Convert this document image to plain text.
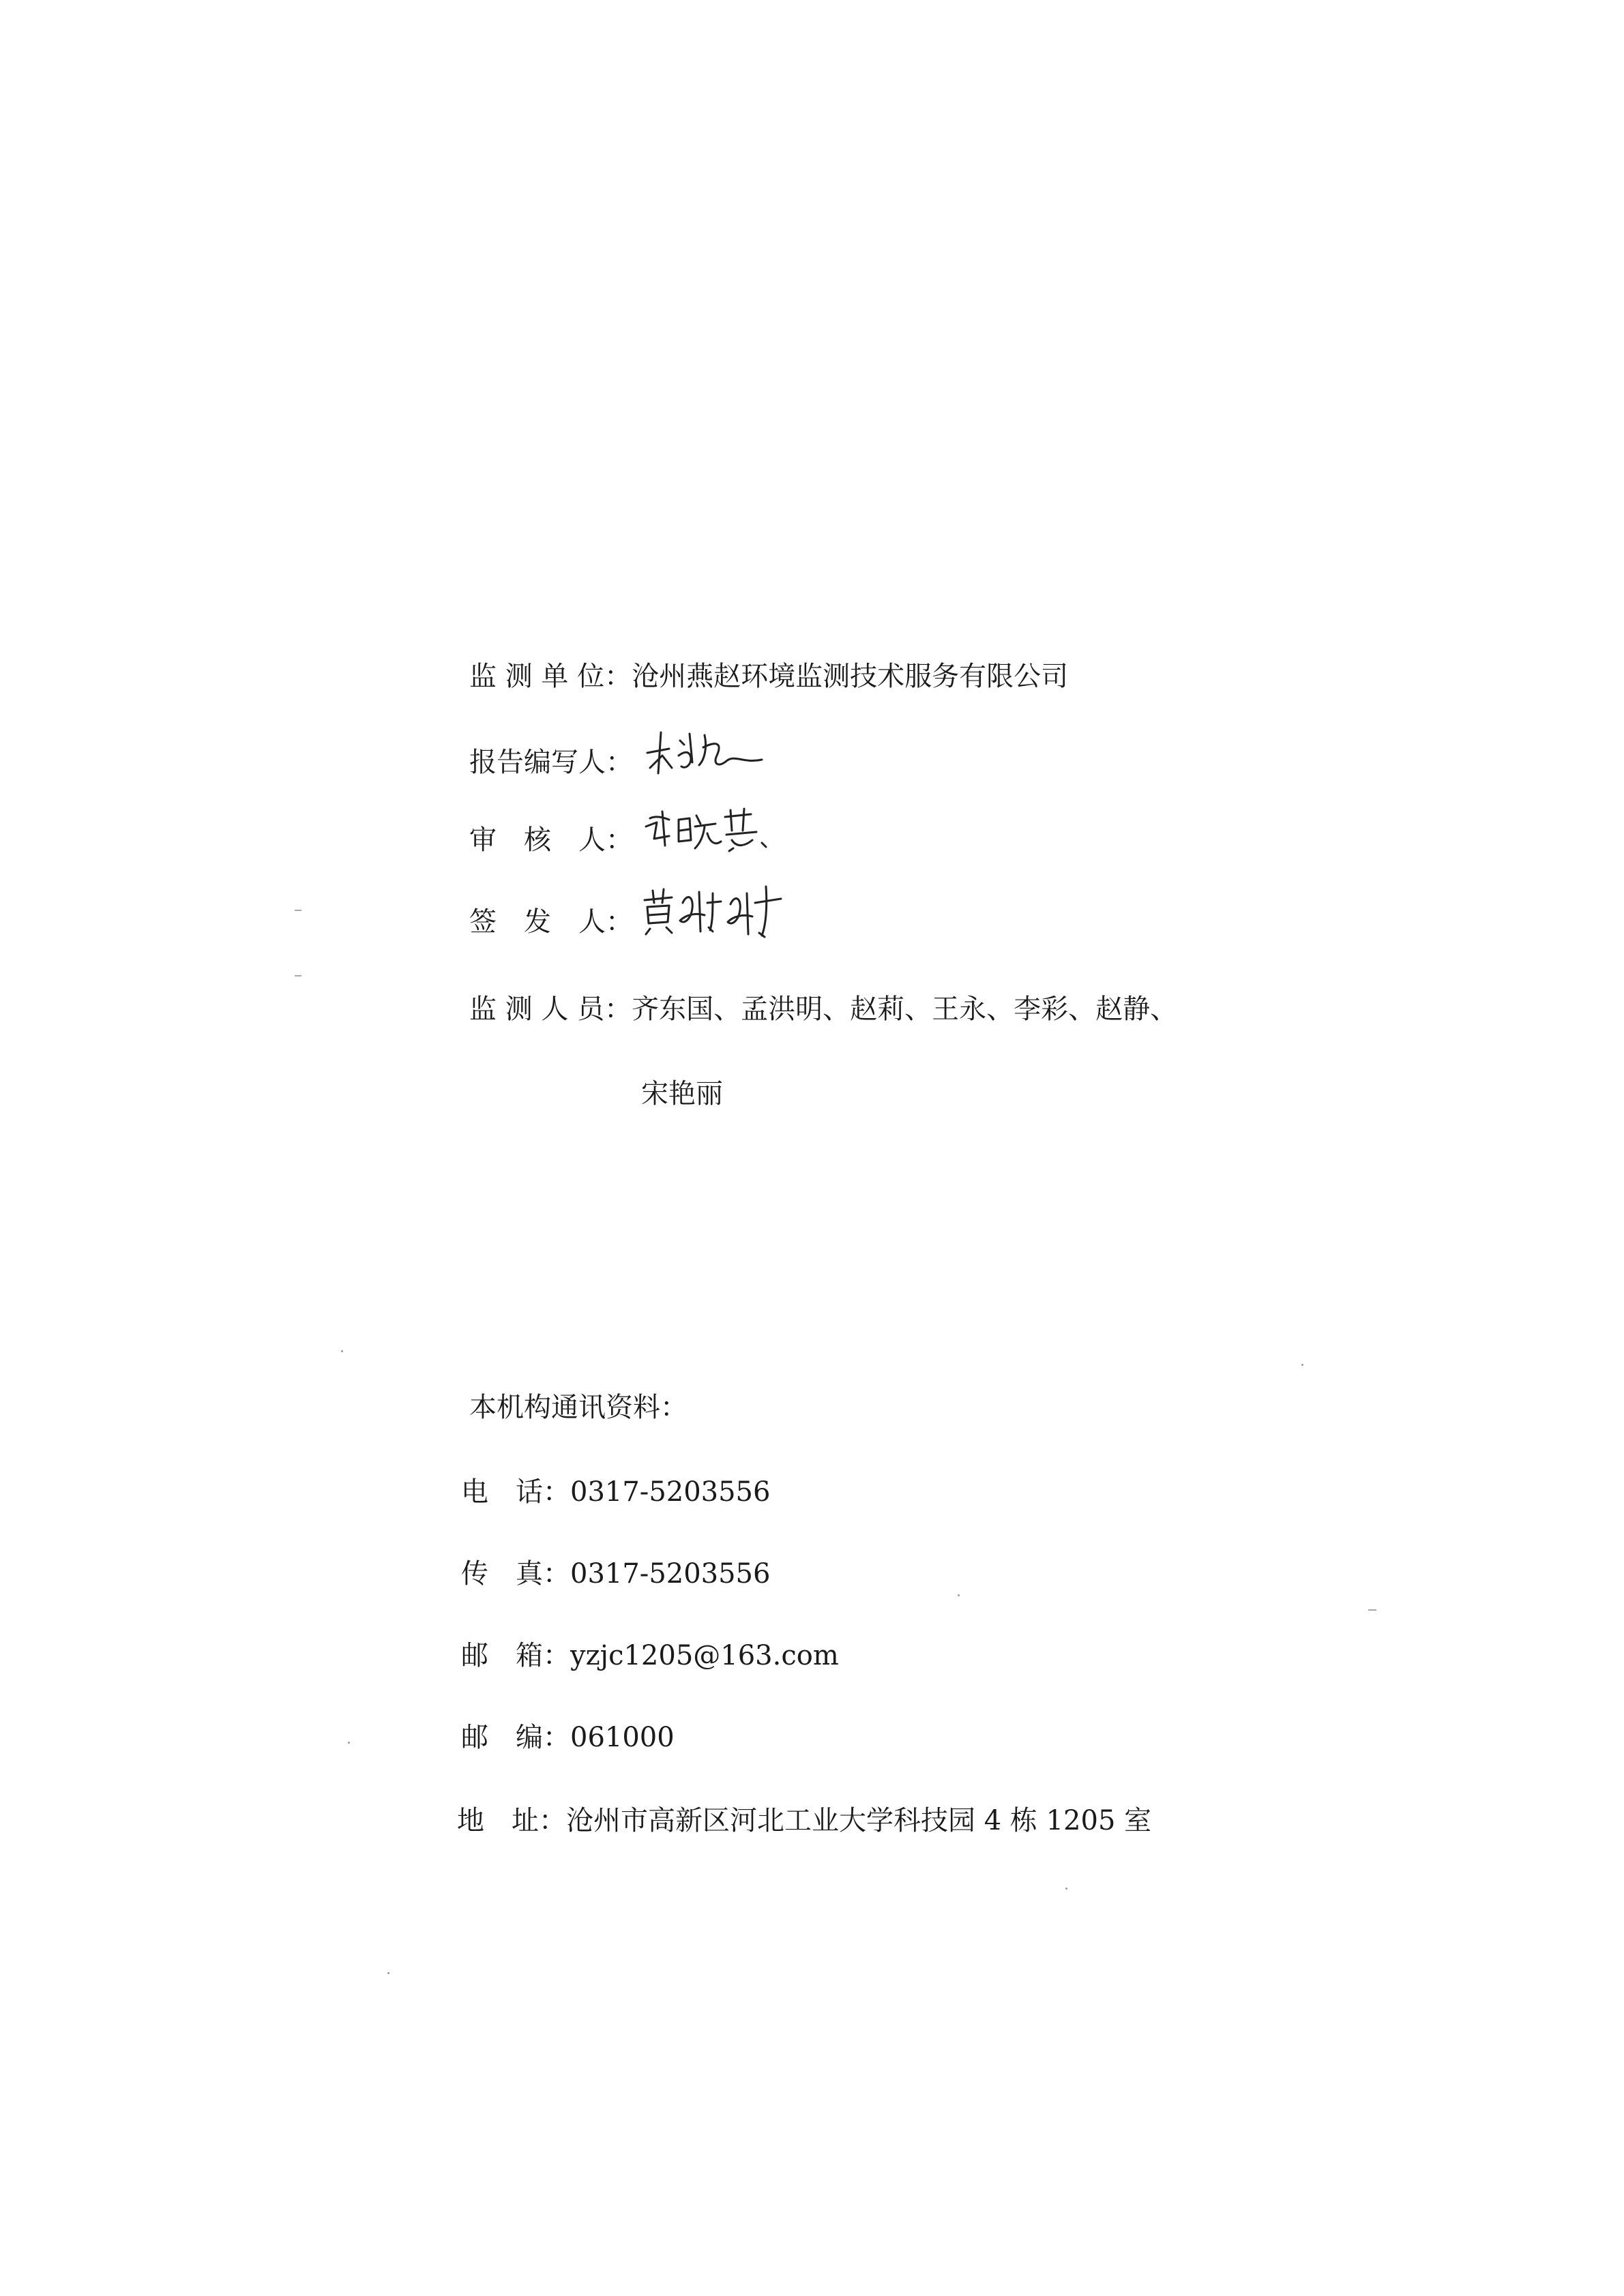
监 测 单 位：沧州燕赵环境监测技术服务有限公司
报告编写人：
审　核　人：
签　发　人：
监 测 人 员：齐东国、孟洪明、赵莉、王永、李彩、赵静、
宋艳丽
本机构通讯资料：
电　话：0317-5203556
传　真：0317-5203556
邮　箱：yzjc1205@163.com
邮　编：061000
地　址：沧州市高新区河北工业大学科技园 4 栋 1205 室
